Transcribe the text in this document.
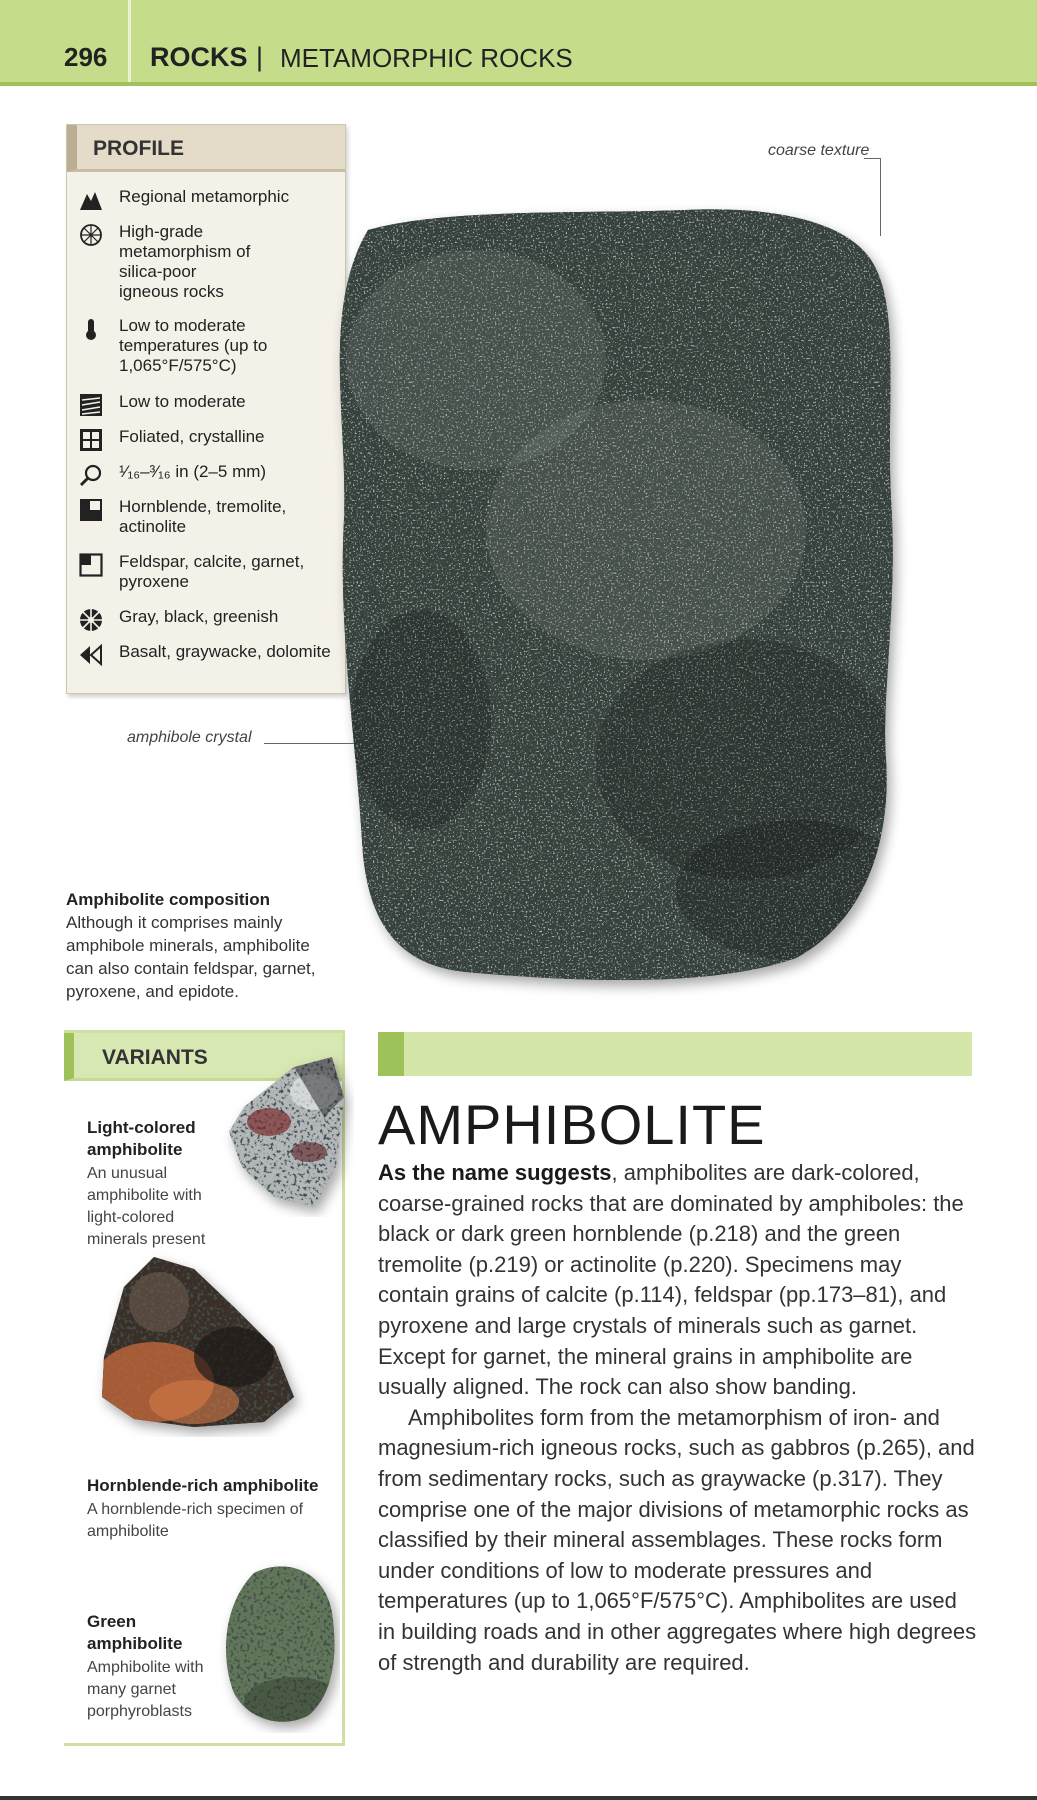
296 ROCKS | METAMORPHIC ROCKS
PROFILE
Regional metamorphic
High-grade metamorphism of silica-poor igneous rocks
Low to moderate temperatures (up to 1,065°F/575°C)
Low to moderate
Foliated, crystalline
¹⁄₁₆–³⁄₁₆ in (2–5 mm)
Hornblende, tremolite, actinolite
Feldspar, calcite, garnet, pyroxene
Gray, black, greenish
Basalt, graywacke, dolomite
coarse texture
amphibole crystal
Amphibolite composition
Although it comprises mainly amphibole minerals, amphibolite can also contain feldspar, garnet, pyroxene, and epidote.
VARIANTS
Light-colored amphibolite
An unusual amphibolite with light-colored minerals present
Hornblende-rich amphibolite
A hornblende-rich specimen of amphibolite
Green amphibolite
Amphibolite with many garnet porphyroblasts
AMPHIBOLITE

As the name suggests, amphibolites are dark-colored, coarse-grained rocks that are dominated by amphiboles: the black or dark green hornblende (p.218) and the green tremolite (p.219) or actinolite (p.220). Specimens may contain grains of calcite (p.114), feldspar (pp.173–81), and pyroxene and large crystals of minerals such as garnet. Except for garnet, the mineral grains in amphibolite are usually aligned. The rock can also show banding.

Amphibolites form from the metamorphism of iron- and magnesium-rich igneous rocks, such as gabbros (p.265), and from sedimentary rocks, such as graywacke (p.317). They comprise one of the major divisions of metamorphic rocks as classified by their mineral assemblages. These rocks form under conditions of low to moderate pressures and temperatures (up to 1,065°F/575°C). Amphibolites are used in building roads and in other aggregates where high degrees of strength and durability are required.
